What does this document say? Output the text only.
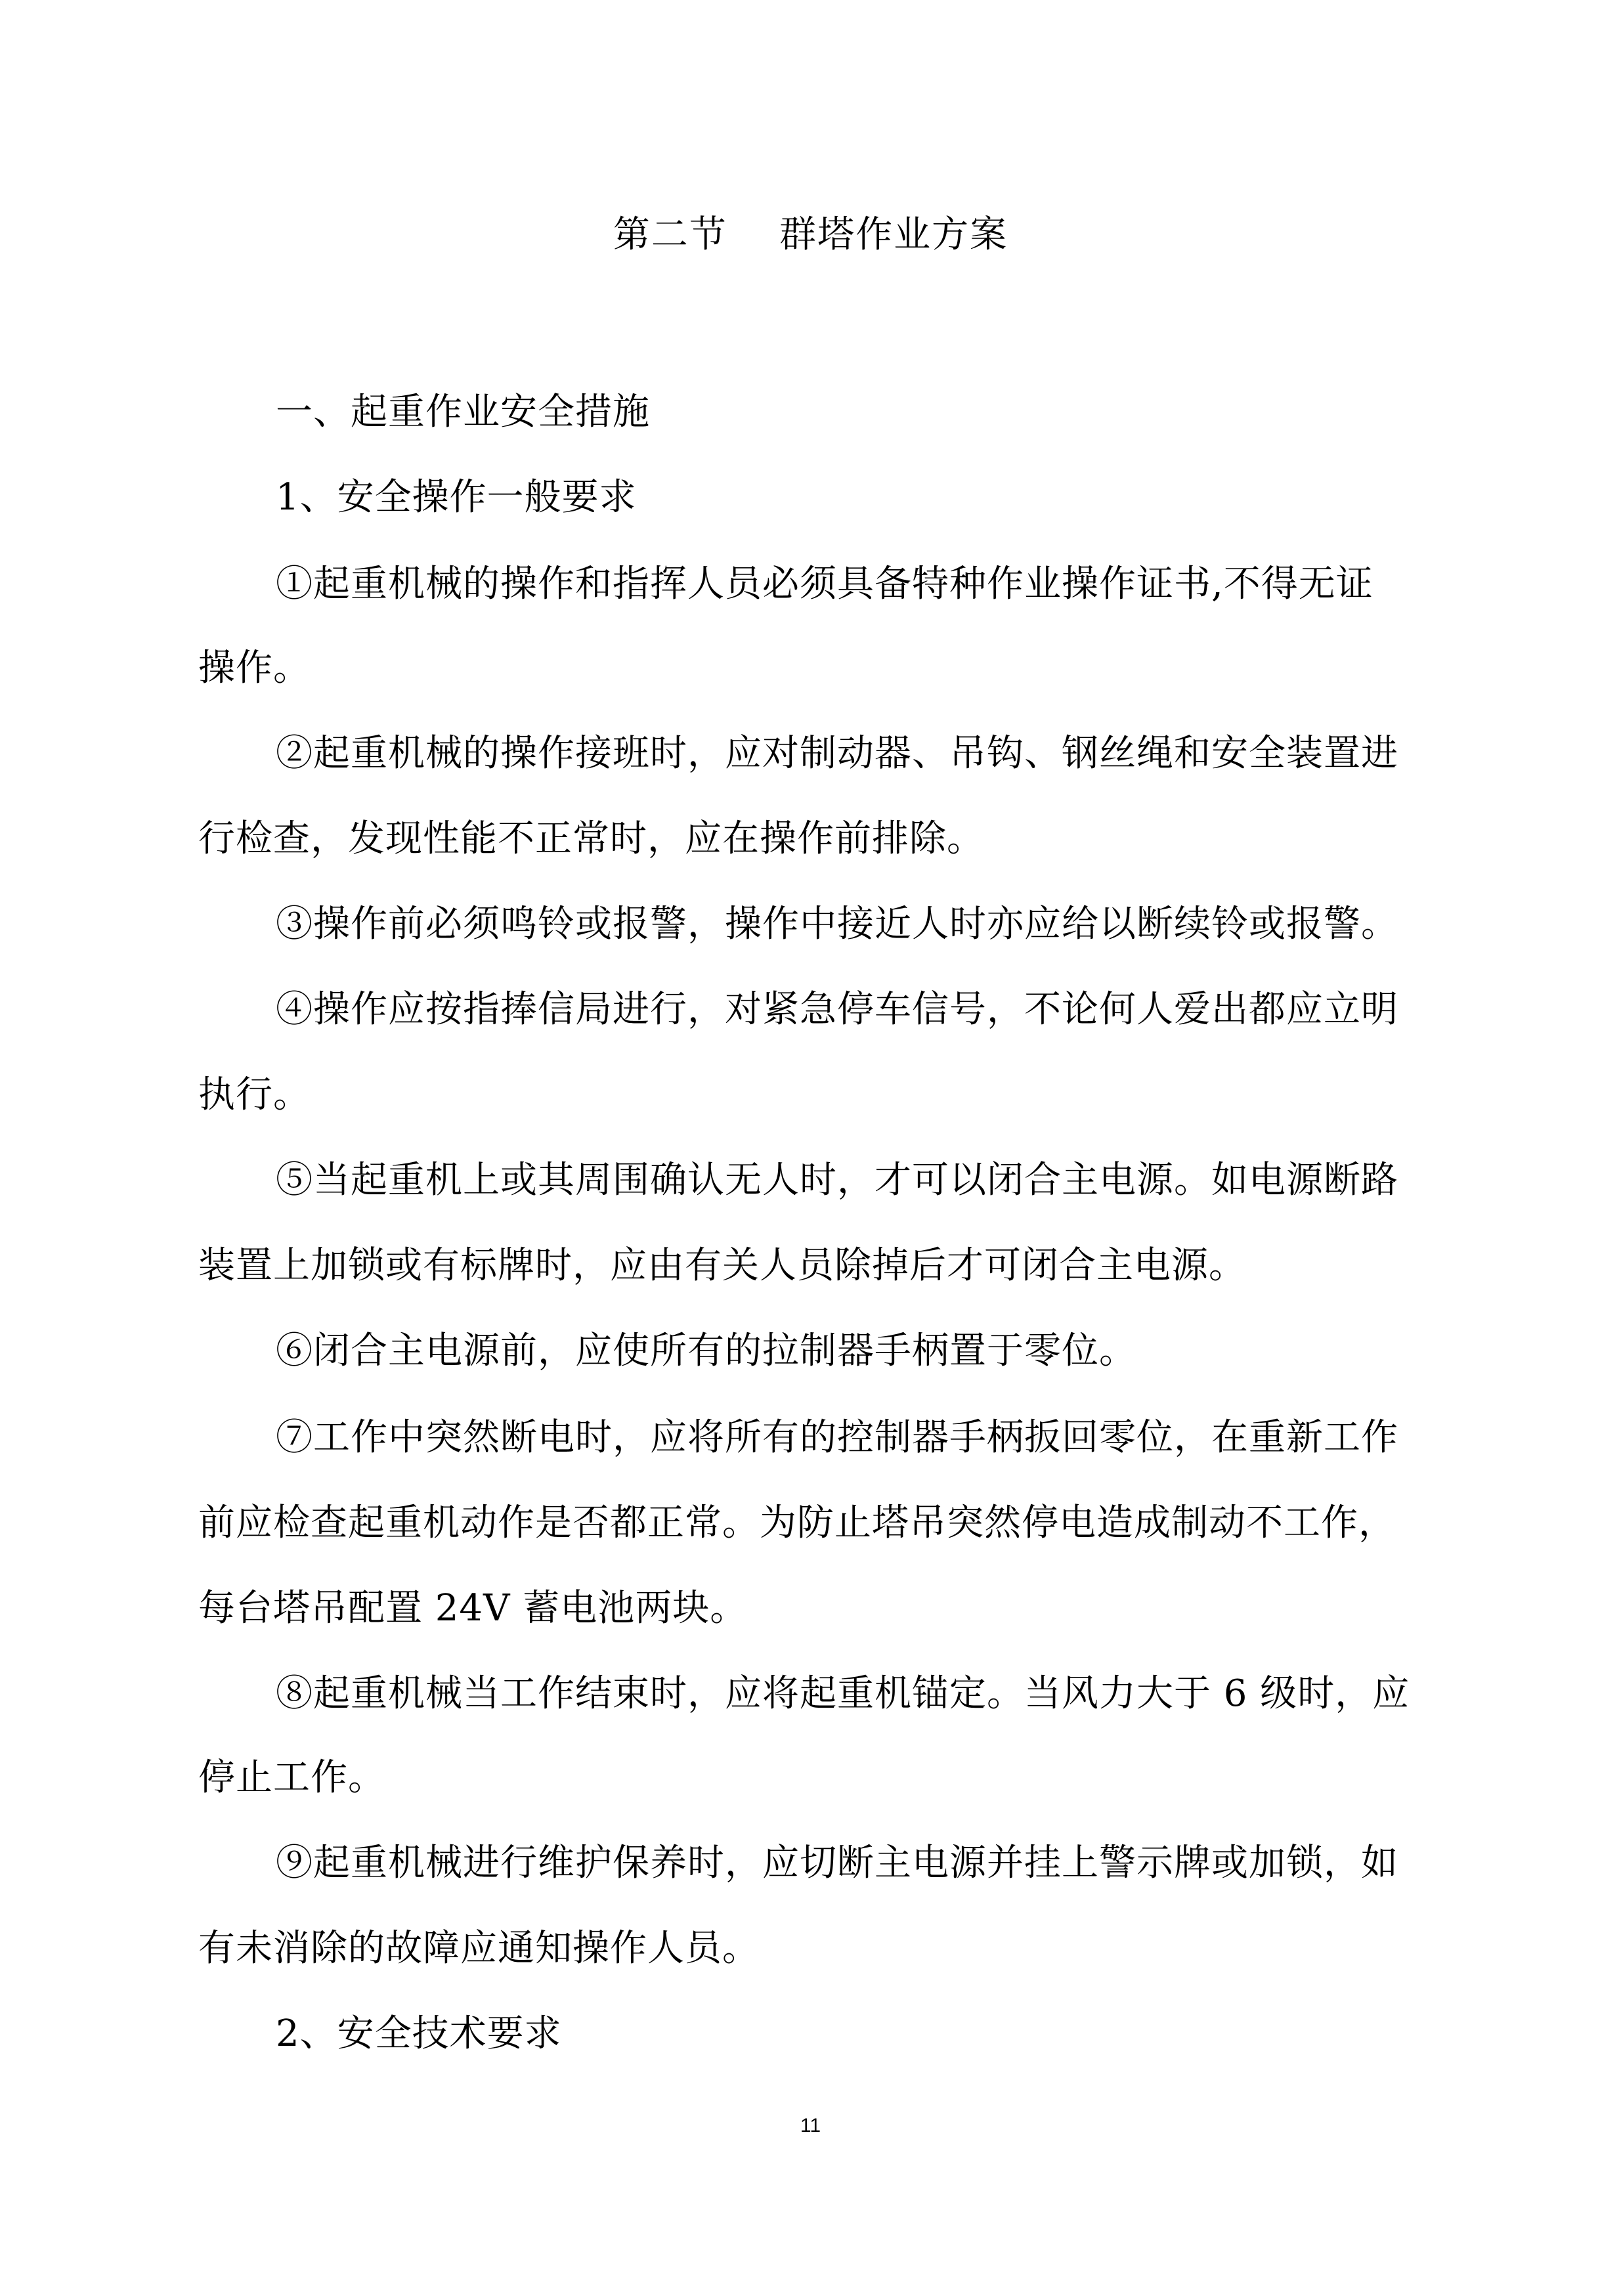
第二节    群塔作业方案
一、起重作业安全措施
1、安全操作一般要求
①起重机械的操作和指挥人员必须具备特种作业操作证书,不得无证
操作。
②起重机械的操作接班时，应对制动器、吊钩、钢丝绳和安全装置进
行检查，发现性能不正常时，应在操作前排除。
③操作前必须鸣铃或报警，操作中接近人时亦应给以断续铃或报警。
④操作应按指捧信局进行，对紧急停车信号，不论何人爱出都应立明
执行。
⑤当起重机上或其周围确认无人时，才可以闭合主电源。如电源断路
装置上加锁或有标牌时，应由有关人员除掉后才可闭合主电源。
⑥闭合主电源前，应使所有的拉制器手柄置于零位。
⑦工作中突然断电时，应将所有的控制器手柄扳回零位，在重新工作
前应检查起重机动作是否都正常。为防止塔吊突然停电造成制动不工作，
每台塔吊配置 24V 蓄电池两块。
⑧起重机械当工作结束时，应将起重机锚定。当风力大于 6 级时，应
停止工作。
⑨起重机械进行维护保养时，应切断主电源并挂上警示牌或加锁，如
有未消除的故障应通知操作人员。
2、安全技术要求
11
